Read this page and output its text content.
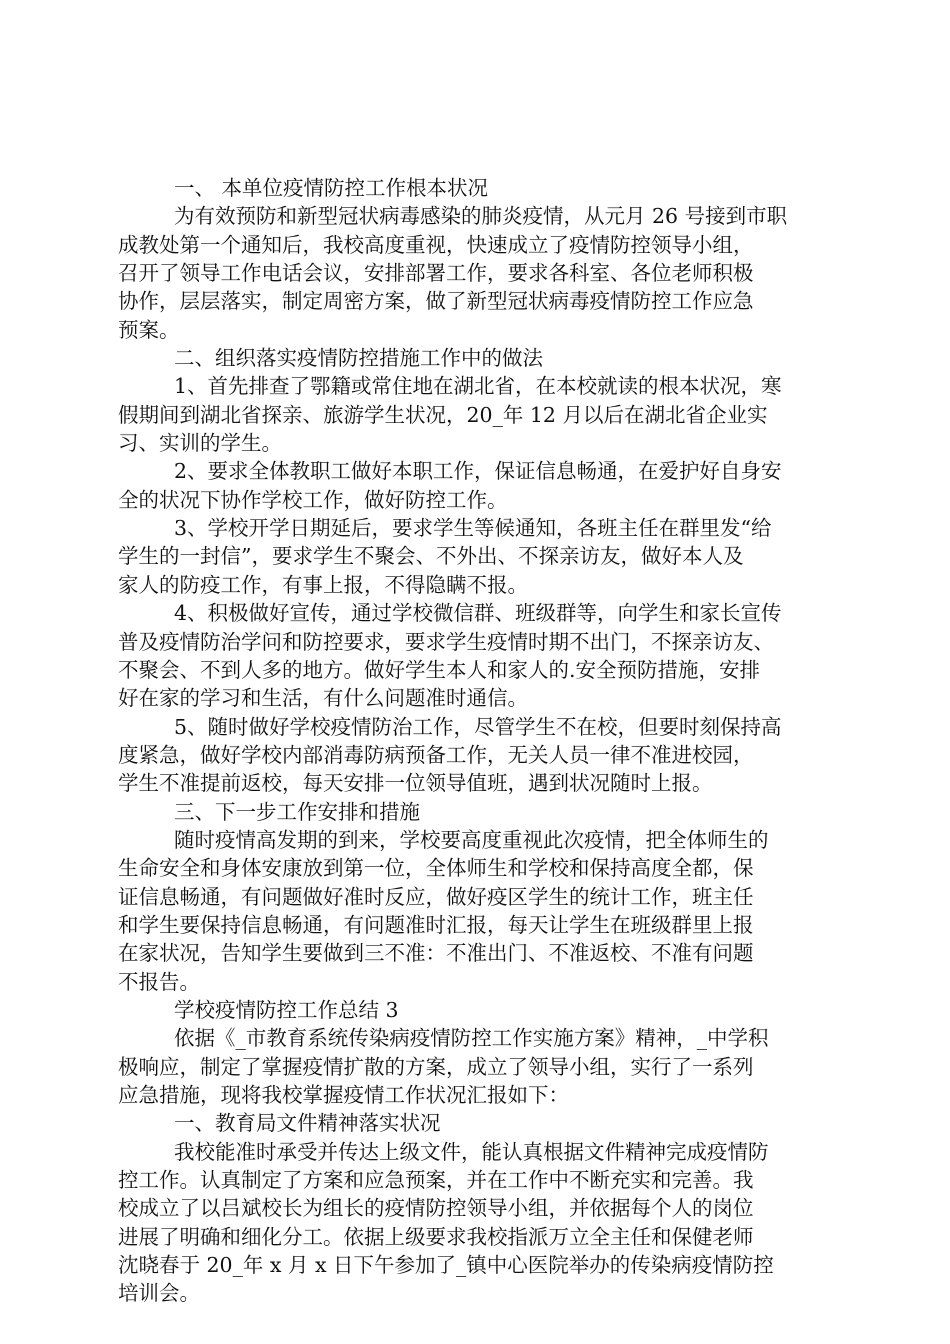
一、 本单位疫情防控工作根本状况
为有效预防和新型冠状病毒感染的肺炎疫情，从元月 26 号接到市职
成教处第一个通知后，我校高度重视，快速成立了疫情防控领导小组，
召开了领导工作电话会议，安排部署工作，要求各科室、各位老师积极
协作，层层落实，制定周密方案，做了新型冠状病毒疫情防控工作应急
预案。
二、组织落实疫情防控措施工作中的做法
1、首先排查了鄂籍或常住地在湖北省，在本校就读的根本状况，寒
假期间到湖北省探亲、旅游学生状况，20_年 12 月以后在湖北省企业实
习、实训的学生。
2、要求全体教职工做好本职工作，保证信息畅通，在爱护好自身安
全的状况下协作学校工作，做好防控工作。
3、学校开学日期延后，要求学生等候通知，各班主任在群里发“给
学生的一封信”，要求学生不聚会、不外出、不探亲访友，做好本人及
家人的防疫工作，有事上报，不得隐瞒不报。
4、积极做好宣传，通过学校微信群、班级群等，向学生和家长宣传
普及疫情防治学问和防控要求，要求学生疫情时期不出门，不探亲访友、
不聚会、不到人多的地方。做好学生本人和家人的.安全预防措施，安排
好在家的学习和生活，有什么问题准时通信。
5、随时做好学校疫情防治工作，尽管学生不在校，但要时刻保持高
度紧急，做好学校内部消毒防病预备工作，无关人员一律不准进校园，
学生不准提前返校，每天安排一位领导值班，遇到状况随时上报。
三、下一步工作安排和措施
随时疫情高发期的到来，学校要高度重视此次疫情，把全体师生的
生命安全和身体安康放到第一位，全体师生和学校和保持高度全都，保
证信息畅通，有问题做好准时反应，做好疫区学生的统计工作，班主任
和学生要保持信息畅通，有问题准时汇报，每天让学生在班级群里上报
在家状况，告知学生要做到三不准：不准出门、不准返校、不准有问题
不报告。
学校疫情防控工作总结 3
依据《_市教育系统传染病疫情防控工作实施方案》精神，_中学积
极响应，制定了掌握疫情扩散的方案，成立了领导小组，实行了一系列
应急措施，现将我校掌握疫情工作状况汇报如下：
一、教育局文件精神落实状况
我校能准时承受并传达上级文件，能认真根据文件精神完成疫情防
控工作。认真制定了方案和应急预案，并在工作中不断充实和完善。我
校成立了以吕斌校长为组长的疫情防控领导小组，并依据每个人的岗位
进展了明确和细化分工。依据上级要求我校指派万立全主任和保健老师
沈晓春于 20_年 x 月 x 日下午参加了_镇中心医院举办的传染病疫情防控
培训会。
